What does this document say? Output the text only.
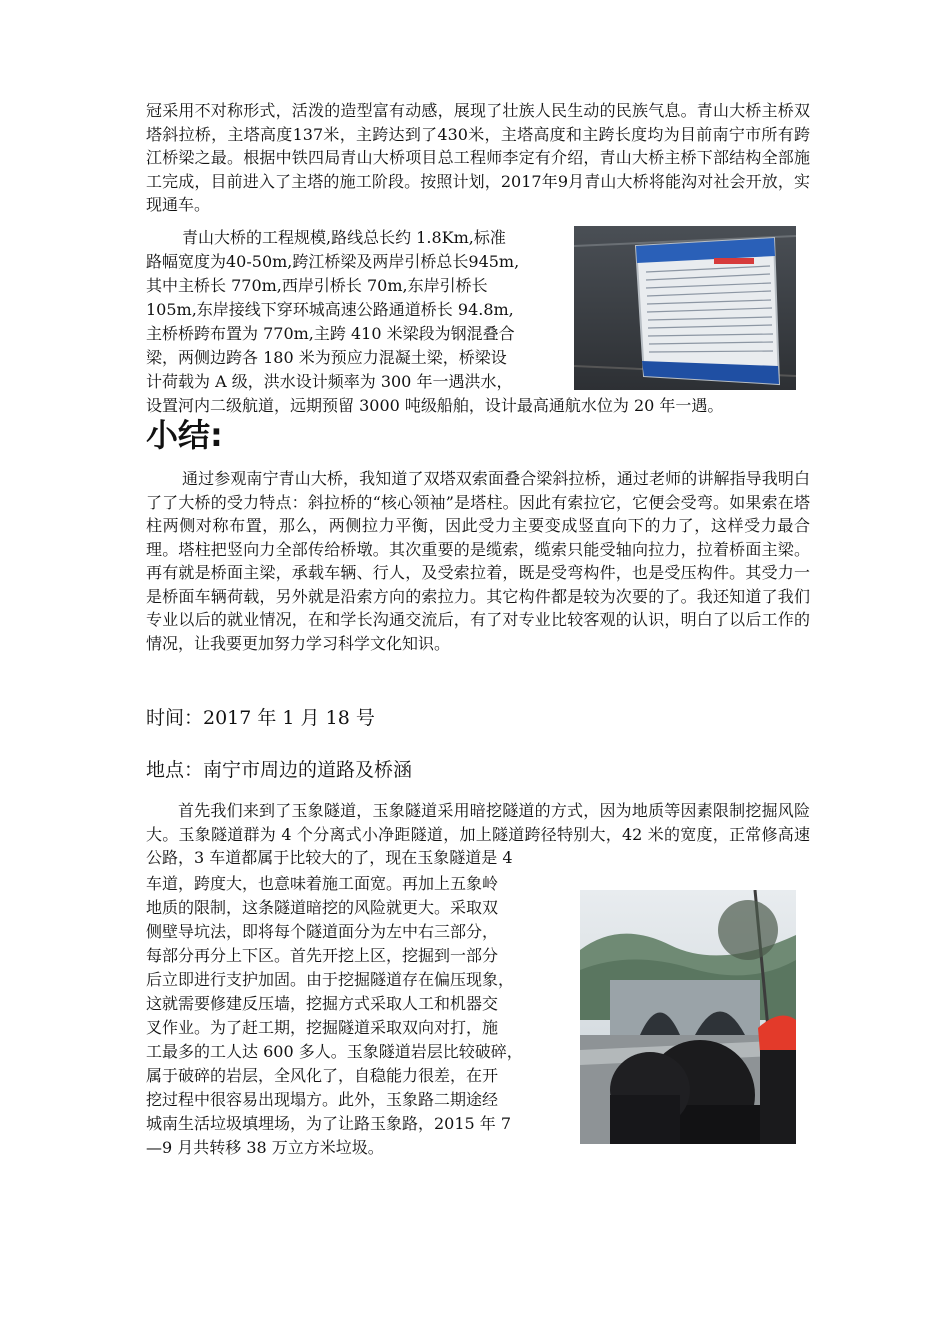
冠采用不对称形式，活泼的造型富有动感，展现了壮族人民生动的民族气息。青山大桥主桥双塔斜拉桥，主塔高度137米，主跨达到了430米，主塔高度和主跨长度均为目前南宁市所有跨江桥梁之最。根据中铁四局青山大桥项目总工程师李定有介绍，青山大桥主桥下部结构全部施工完成，目前进入了主塔的施工阶段。按照计划，2017年9月青山大桥将能沟对社会开放，实现通车。

青山大桥的工程规模,路线总长约 1.8Km,标准
路幅宽度为40-50m,跨江桥梁及两岸引桥总长945m,
其中主桥长 770m,西岸引桥长 70m,东岸引桥长
105m,东岸接线下穿环城高速公路通道桥长 94.8m,
主桥桥跨布置为 770m,主跨 410 米梁段为钢混叠合
梁，两侧边跨各 180 米为预应力混凝土梁，桥梁设
计荷载为 A 级，洪水设计频率为 300 年一遇洪水，
设置河内二级航道，远期预留 3000 吨级船舶，设计最高通航水位为 20 年一遇。
小结:

通过参观南宁青山大桥，我知道了双塔双索面叠合梁斜拉桥，通过老师的讲解指导我明白了了大桥的受力特点：斜拉桥的“核心领袖”是塔柱。因此有索拉它，它便会受弯。如果索在塔柱两侧对称布置，那么，两侧拉力平衡，因此受力主要变成竖直向下的力了，这样受力最合理。塔柱把竖向力全部传给桥墩。其次重要的是缆索，缆索只能受轴向拉力，拉着桥面主梁。再有就是桥面主梁，承载车辆、行人，及受索拉着，既是受弯构件，也是受压构件。其受力一是桥面车辆荷载，另外就是沿索方向的索拉力。其它构件都是较为次要的了。我还知道了我们专业以后的就业情况，在和学长沟通交流后，有了对专业比较客观的认识，明白了以后工作的情况，让我要更加努力学习科学文化知识。

时间：2017 年 1 月 18 号
地点：南宁市周边的道路及桥涵

首先我们来到了玉象隧道，玉象隧道采用暗挖隧道的方式，因为地质等因素限制挖掘风险大。玉象隧道群为 4 个分离式小净距隧道，加上隧道跨径特别大，42 米的宽度，正常修高速公路，3 车道都属于比较大的了，现在玉象隧道是 4

车道，跨度大，也意味着施工面宽。再加上五象岭
地质的限制，这条隧道暗挖的风险就更大。采取双
侧壁导坑法，即将每个隧道面分为左中右三部分，
每部分再分上下区。首先开挖上区，挖掘到一部分
后立即进行支护加固。由于挖掘隧道存在偏压现象，
这就需要修建反压墙，挖掘方式采取人工和机器交
叉作业。为了赶工期，挖掘隧道采取双向对打，施
工最多的工人达 600 多人。玉象隧道岩层比较破碎，
属于破碎的岩层，全风化了，自稳能力很差，在开
挖过程中很容易出现塌方。此外，玉象路二期途经
城南生活垃圾填埋场，为了让路玉象路，2015 年 7
—9 月共转移 38 万立方米垃圾。
